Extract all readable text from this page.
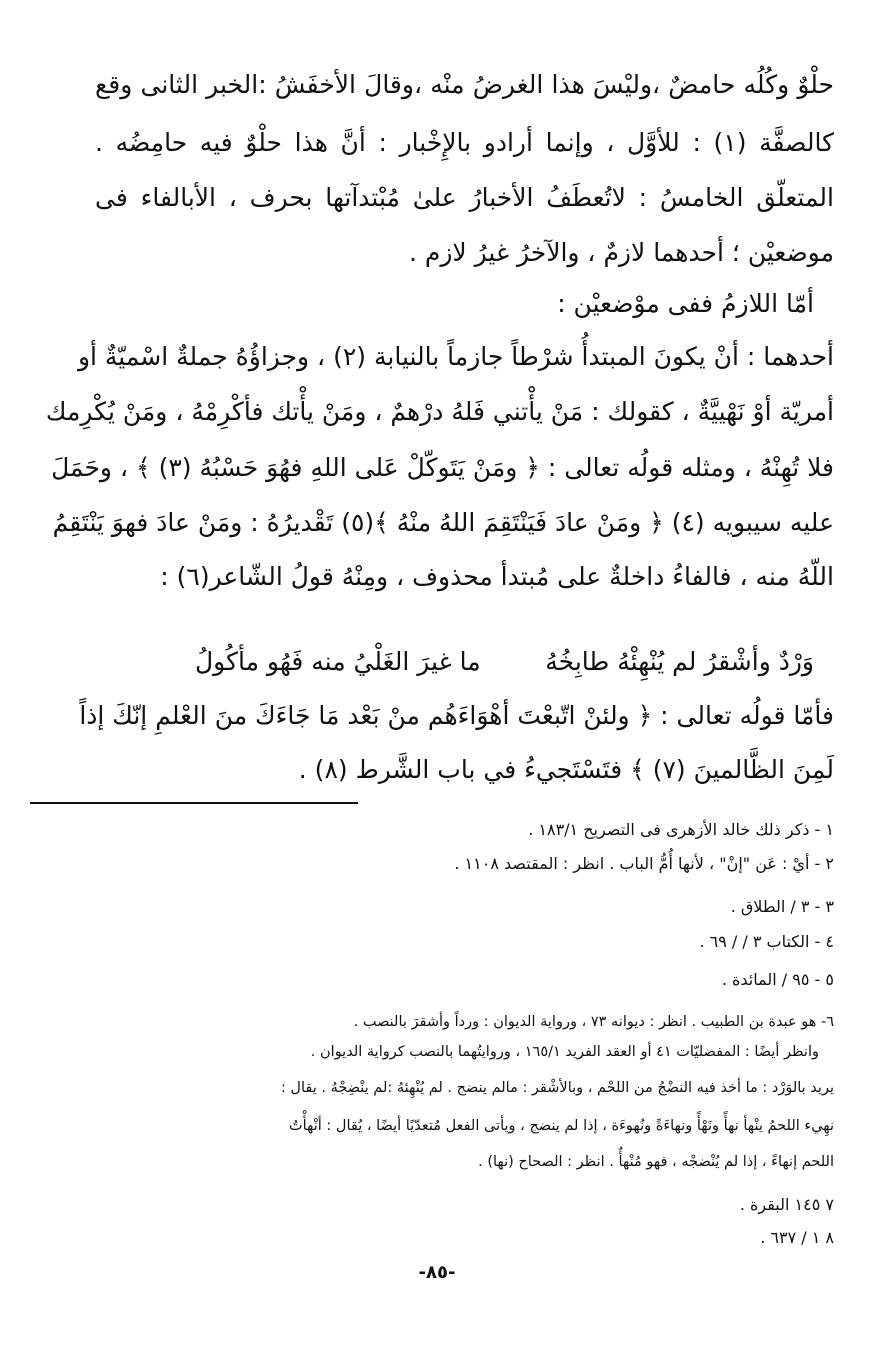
حلْوٌ وكُلُه حامضٌ ،وليْسَ هذا الغرضُ منْه ،وقالَ الأخفَشُ :الخبر الثانى وقع
كالصفَّة (١) : للأوَّل ، وإنما أرادو بالإِخْبار : أنَّ هذا حلْوٌ فيه حامِضُه .
المتعلّق الخامسُ : لاتُعطَفُ الأخبارُ علىٰ مُبْتدآتها بحرف ، الأبالفاء فى
موضعيْن ؛ أحدهما لازمٌ ، والآخرُ غيرُ لازم .
أمّا اللازمُ ففى موْضعيْن :
أحدهما : أنْ يكونَ المبتدأُ شرْطاً جازماً بالنيابة (٢) ، وجزاؤُهُ جملةٌ اسْميّةٌ أو
أمريّة أوْ نَهْييَّةٌ ، كقولك : مَنْ يأْتني فَلهُ درْهمٌ ، ومَنْ يأْتك فأكْرِمْهُ ، ومَنْ يُكْرِمك
فلا تُهِنْهُ ، ومثله قولُه تعالى : ﴿ ومَنْ يَتَوكّلْ عَلى اللهِ فهُوَ حَسْبُهُ (٣) ﴾ ، وحَمَلَ
عليه سيبويه (٤) ﴿ ومَنْ عادَ فَيَنْتَقِمَ اللهُ منْهُ ﴾(٥) تَقْديرُهُ : ومَنْ عادَ فهوَ يَنْتَقِمُ
اللّهُ منه ، فالفاءُ داخلةٌ على مُبتدأ محذوف ، ومِنْهُ قولُ الشّاعر(٦) :
وَرْدٌ وأشْقرُ لم يُنْهِئْهُ طابِخُهُ
ما غيرَ الغَلْيُ منه فَهُو مأكُولُ
فأمّا قولُه تعالى : ﴿ ولئنْ اتّبعْتَ أهْوَاءَهُم منْ بَعْد مَا جَاءَكَ منَ العْلمِ إنّكَ إذاً
لَمِنَ الظَّالمينَ (٧) ﴾ فتَسْتَجيءُ في باب الشَّرط (٨) .
١ - ذكر ذلك خالد الأزهرى فى التصريح ١٨٣/١ .
٢ - أيْ : عَن "إنْ" ، لأنها أُمُّ الباب . انظر : المقتصد ١١٠٨ .
٣ - ٣ / الطلاق .
٤ - الكتاب ٣ / / ٦٩ .
٥ - ٩٥ / المائدة .
٦- هو عبدة بن الطبيب . انظر : ديوانه ٧٣ ، ورواية الديوان : ورداً وأشقرَ بالنصب .
وانظر أيضًا : المفضليّات ٤١ أو العقد الفريد ١٦٥/١ ، وروايتُهما بالنصب كرواية الديوان .
يريد بالوَرْد : ما أخذ فيه النضْجُ من اللحْم ، وبالأشْقر : مالم ينضج . لم يُنْهِئهُ :لم ينْضِجْهُ . يقال :
نهِيء اللحمُ ينْهأ نهأً ونَهْأً ونهاءَةً ونُهوءَة ، إذا لم ينضج ، ويأتى الفعل مُتعدّيًا أيضًا ، يُقال : أنْهأْتُ
اللحم إنهاءً ، إذا لم يُنْضجْه ، فهو مُنْهأٌ . انظر : الصحاح (نها) .
٧ ١٤٥ البقرة .
٨ ١ / ٦٣٧ .
-٨٥-
